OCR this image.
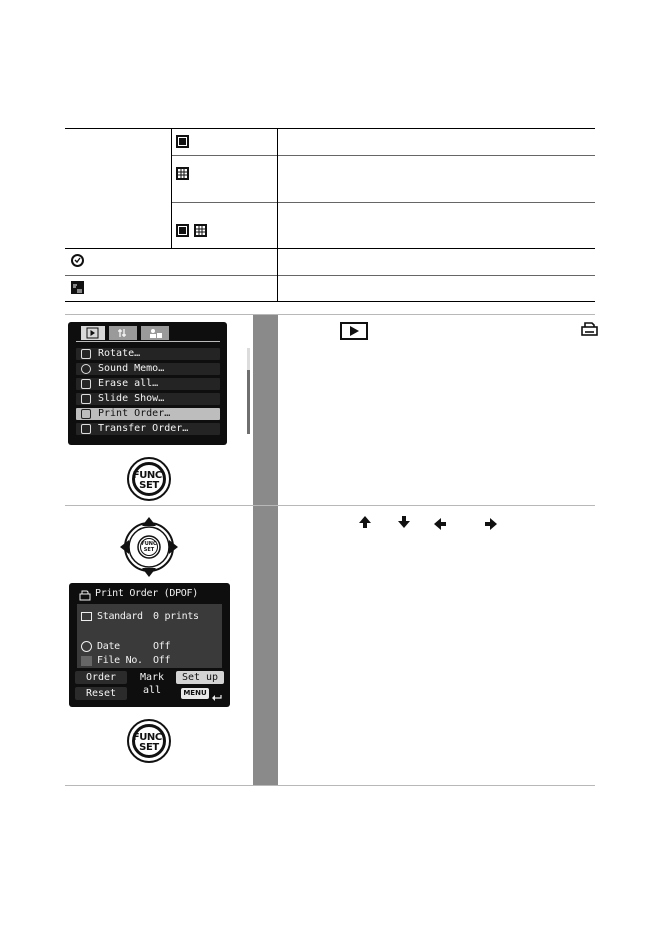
Rotate…
Sound Memo…
Erase all…
Slide Show…
Print Order…
Transfer Order…
FUNC.
SET
FUNC
SET
Print Order (DPOF)
Standard 0 prints
Date	Off
File No. Off
Order	Mark all
Set up
Reset	MENU
FUNC.
SET
